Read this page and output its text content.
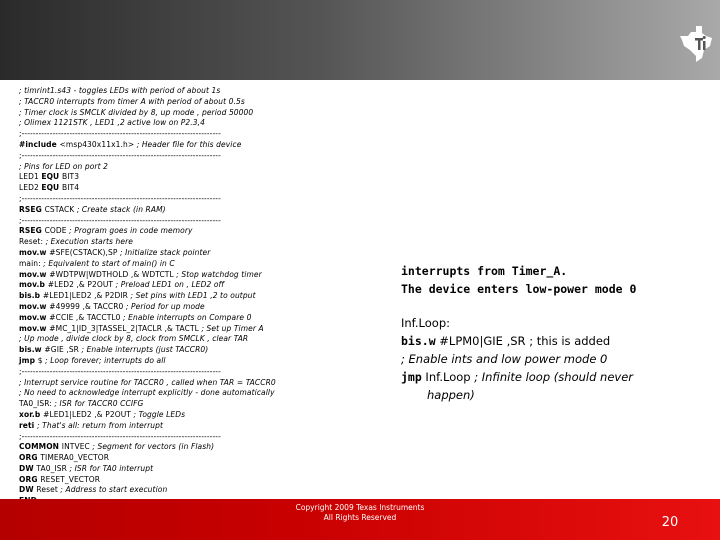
; timrint1.s43 - toggles LEDs with period of about 1s
; TACCR0 interrupts from timer A with period of about 0.5s
; Timer clock is SMCLK divided by 8, up mode , period 50000
; Olimex 1121STK , LED1 ,2 active low on P2.3,4
;-----------------------------------------------------------------------
#include <msp430x11x1.h> ; Header file for this device
;-----------------------------------------------------------------------
; Pins for LED on port 2
LED1 EQU BIT3
LED2 EQU BIT4
;-----------------------------------------------------------------------
RSEG CSTACK ; Create stack (in RAM)
;-----------------------------------------------------------------------
RSEG CODE ; Program goes in code memory
Reset: ; Execution starts here
mov.w #SFE(CSTACK),SP ; Initialize stack pointer
main: ; Equivalent to start of main() in C
mov.w #WDTPW|WDTHOLD ,& WDTCTL ; Stop watchdog timer
mov.b #LED2 ,& P2OUT ; Preload LED1 on , LED2 off
bis.b #LED1|LED2 ,& P2DIR ; Set pins with LED1 ,2 to output
mov.w #49999 ,& TACCR0 ; Period for up mode
mov.w #CCIE ,& TACCTL0 ; Enable interrupts on Compare 0
mov.w #MC_1|ID_3|TASSEL_2|TACLR ,& TACTL ; Set up Timer A
; Up mode , divide clock by 8, clock from SMCLK , clear TAR
bis.w #GIE ,SR ; Enable interrupts (just TACCR0)
jmp $ ; Loop forever; interrupts do all
;-----------------------------------------------------------------------
; Interrupt service routine for TACCR0 , called when TAR = TACCR0
; No need to acknowledge interrupt explicitly - done automatically
TA0_ISR: ; ISR for TACCR0 CCIFG
xor.b #LED1|LED2 ,& P2OUT ; Toggle LEDs
reti ; That's all: return from interrupt
;-----------------------------------------------------------------------
COMMON INTVEC ; Segment for vectors (in Flash)
ORG TIMERA0_VECTOR
DW TA0_ISR ; ISR for TA0 interrupt
ORG RESET_VECTOR
DW Reset ; Address to start execution
interrupts from Timer_A.
The device enters low-power mode 0
Inf.Loop:
bis.w #LPM0|GIE ,SR ; this is added
; Enable ints and low power mode 0
jmp Inf.Loop ; Infinite loop (should never
happen)
Copyright 2009 Texas Instruments
All Rights Reserved	20
